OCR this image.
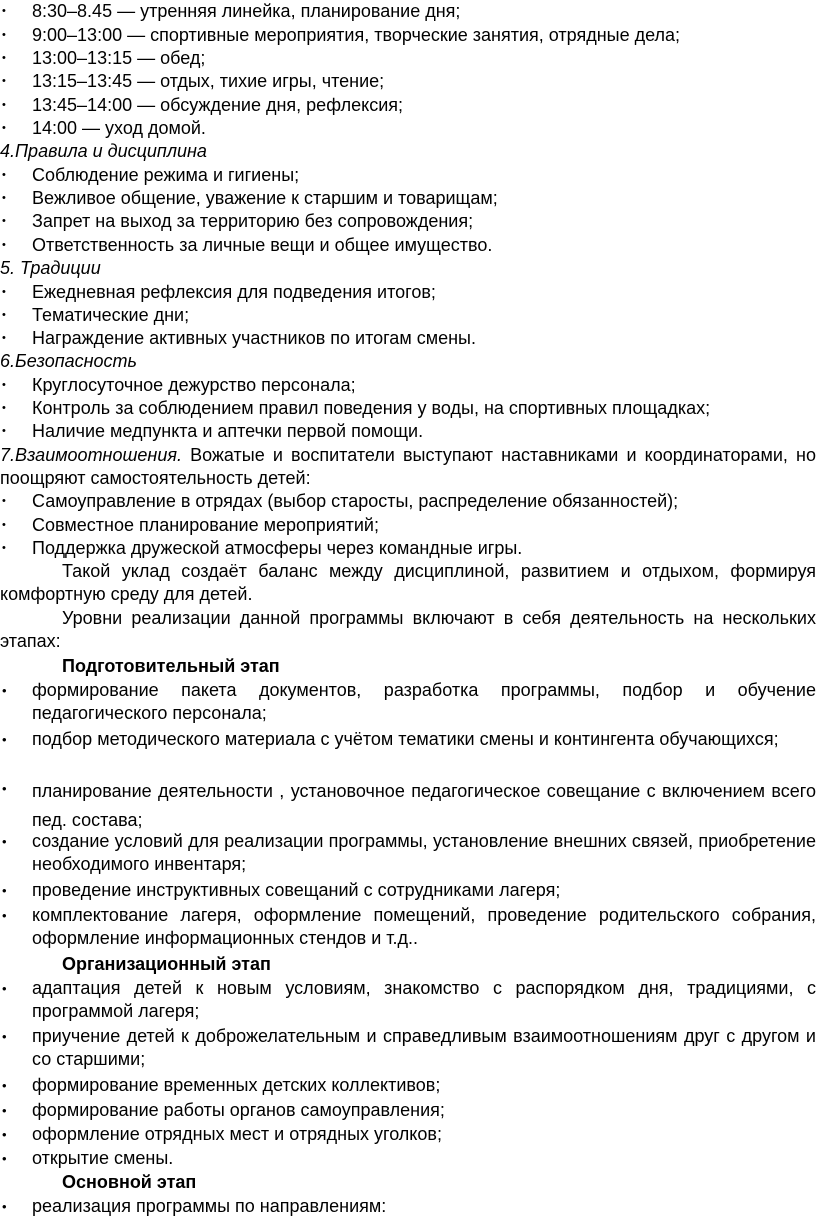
• 8:30–8.45 — утренняя линейка, планирование дня;
• 9:00–13:00 — спортивные мероприятия, творческие занятия, отрядные дела;
• 13:00–13:15 — обед;
• 13:15–13:45 — отдых, тихие игры, чтение;
• 13:45–14:00 — обсуждение дня, рефлексия;
• 14:00 — уход домой.
4.Правила и дисциплина
• Соблюдение режима и гигиены;
• Вежливое общение, уважение к старшим и товарищам;
• Запрет на выход за территорию без сопровождения;
• Ответственность за личные вещи и общее имущество.
5. Традиции
• Ежедневная рефлексия для подведения итогов;
• Тематические дни;
• Награждение активных участников по итогам смены.
6.Безопасность
• Круглосуточное дежурство персонала;
• Контроль за соблюдением правил поведения у воды, на спортивных площадках;
• Наличие медпункта и аптечки первой помощи.
7.Взаимоотношения. Вожатые и воспитатели выступают наставниками и координаторами, но поощряют самостоятельность детей:
• Самоуправление в отрядах (выбор старосты, распределение обязанностей);
• Совместное планирование мероприятий;
• Поддержка дружеской атмосферы через командные игры.
Такой уклад создаёт баланс между дисциплиной, развитием и отдыхом, формируя комфортную среду для детей.
Уровни реализации данной программы включают в себя деятельность на нескольких этапах:
Подготовительный этап
• формирование пакета документов, разработка программы, подбор и обучение педагогического персонала;
• подбор методического материала с учётом тематики смены и контингента обучающихся;
• планирование деятельности , установочное педагогическое совещание с включением всего пед. состава;
• создание условий для реализации программы, установление внешних связей, приобретение необходимого инвентаря;
• проведение инструктивных совещаний с сотрудниками лагеря;
• комплектование лагеря, оформление помещений, проведение родительского собрания, оформление информационных стендов и т.д..
Организационный этап
• адаптация детей к новым условиям, знакомство с распорядком дня, традициями, с программой лагеря;
• приучение детей к доброжелательным и справедливым взаимоотношениям друг с другом и со старшими;
• формирование временных детских коллективов;
• формирование работы органов самоуправления;
• оформление отрядных мест и отрядных уголков;
• открытие смены.
Основной этап
• реализация программы по направлениям:
